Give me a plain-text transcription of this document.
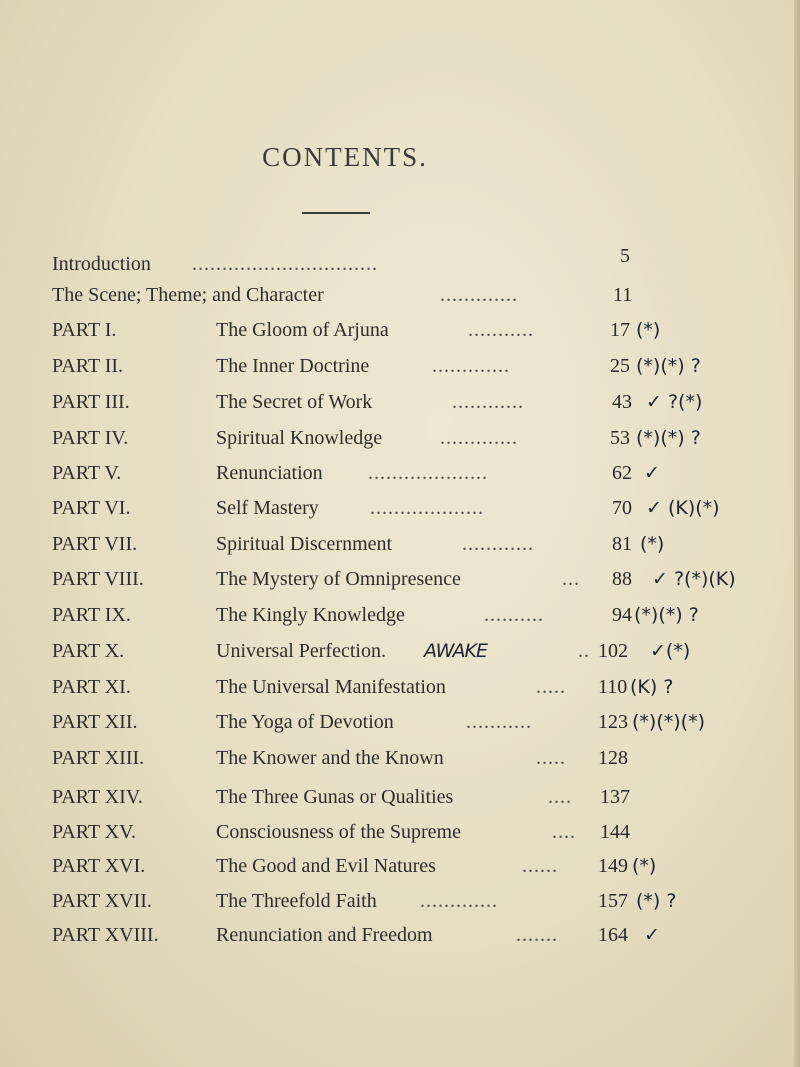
CONTENTS.
Introduction ...............................	5
The Scene; Theme; and Character	.............	11
PART I.	The Gloom of Arjuna	...........	17 (*)
PART II.	The Inner Doctrine	.............	25 (*)(*) ?
PART III.	The Secret of Work	............	43 ✓ ?(*)
PART IV.	Spiritual Knowledge	.............	53 (*)(*) ?
PART V.	Renunciation ....................	62 ✓
PART VI.	Self Mastery	...................	70 ✓ (K)(*)
PART VII.	Spiritual Discernment	............	81 (*)
PART VIII.	The Mystery of Omnipresence	... 88 ✓ ?(*)(K)
PART IX.	The Kingly Knowledge	..........	94 (*)(*) ?
PART X.	Universal Perfection. AWAKE	.. 102 ✓(*)
PART XI.	The Universal Manifestation	..... 110 (K) ?
PART XII.	The Yoga of Devotion	...........	123 (*)(*)(*)
PART XIII.	The Knower and the Known	..... 128
PART XIV.	The Three Gunas or Qualities	.... 137
PART XV.	Consciousness of the Supreme	.... 144
PART XVI.	The Good and Evil Natures	...... 149 (*)
PART XVII.	The Threefold Faith .............	157 (*) ?
PART XVIII.	Renunciation and Freedom	....... 164 ✓
